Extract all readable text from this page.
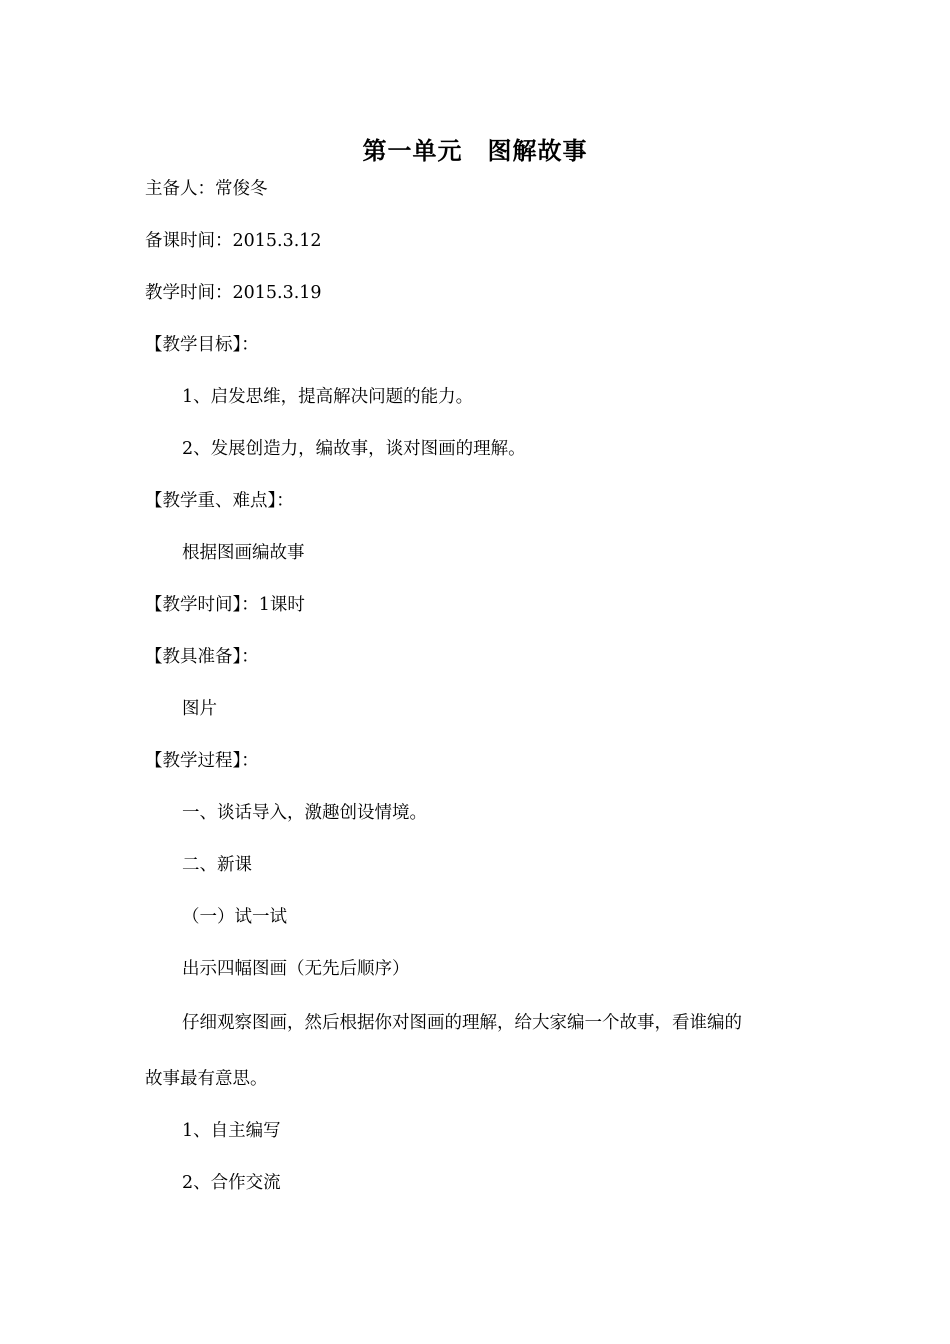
第一单元　图解故事
主备人：常俊冬
备课时间：2015.3.12
教学时间：2015.3.19
【教学目标】：
1、启发思维，提高解决问题的能力。
2、发展创造力，编故事，谈对图画的理解。
【教学重、难点】：
根据图画编故事
【教学时间】：1课时
【教具准备】：
图片
【教学过程】：
一、谈话导入，激趣创设情境。
二、新课
（一）试一试
出示四幅图画（无先后顺序）
仔细观察图画，然后根据你对图画的理解，给大家编一个故事，看谁编的
故事最有意思。
1、自主编写
2、合作交流
